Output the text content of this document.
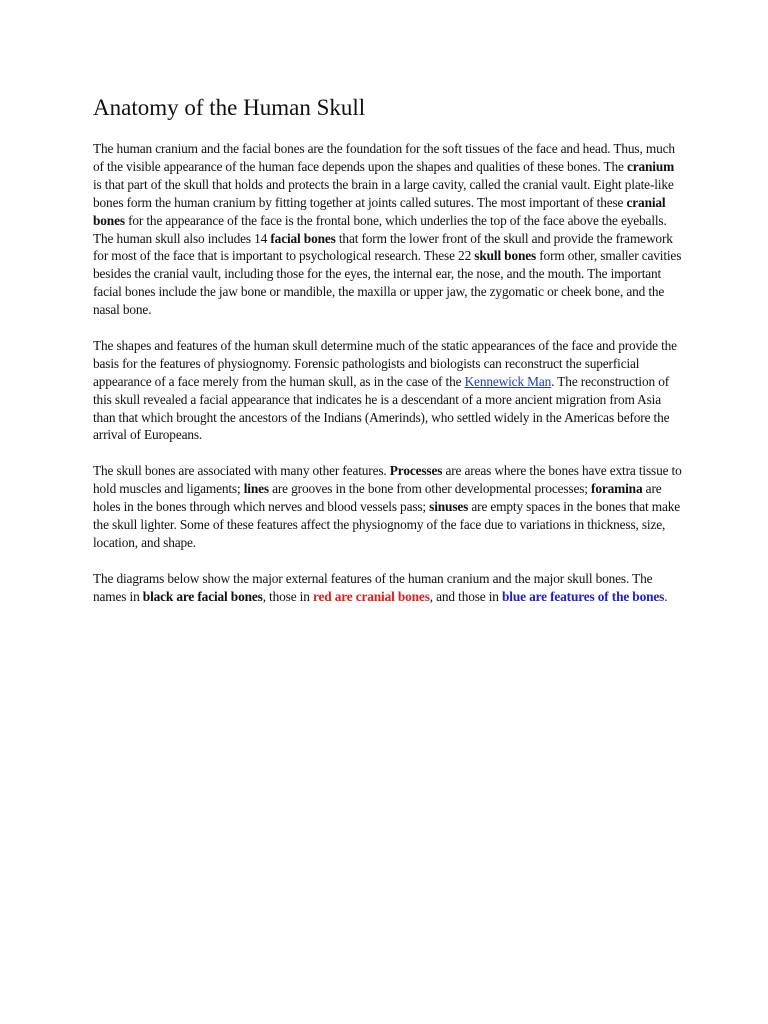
Anatomy of the Human Skull

The human cranium and the facial bones are the foundation for the soft tissues of the face and head. Thus, much of the visible appearance of the human face depends upon the shapes and qualities of these bones. The cranium is that part of the skull that holds and protects the brain in a large cavity, called the cranial vault. Eight plate-like bones form the human cranium by fitting together at joints called sutures. The most important of these cranial bones for the appearance of the face is the frontal bone, which underlies the top of the face above the eyeballs. The human skull also includes 14 facial bones that form the lower front of the skull and provide the framework for most of the face that is important to psychological research. These 22 skull bones form other, smaller cavities besides the cranial vault, including those for the eyes, the internal ear, the nose, and the mouth. The important facial bones include the jaw bone or mandible, the maxilla or upper jaw, the zygomatic or cheek bone, and the nasal bone.

The shapes and features of the human skull determine much of the static appearances of the face and provide the basis for the features of physiognomy. Forensic pathologists and biologists can reconstruct the superficial appearance of a face merely from the human skull, as in the case of the Kennewick Man. The reconstruction of this skull revealed a facial appearance that indicates he is a descendant of a more ancient migration from Asia than that which brought the ancestors of the Indians (Amerinds), who settled widely in the Americas before the arrival of Europeans.

The skull bones are associated with many other features. Processes are areas where the bones have extra tissue to hold muscles and ligaments; lines are grooves in the bone from other developmental processes; foramina are holes in the bones through which nerves and blood vessels pass; sinuses are empty spaces in the bones that make the skull lighter. Some of these features affect the physiognomy of the face due to variations in thickness, size, location, and shape.

The diagrams below show the major external features of the human cranium and the major skull bones. The names in black are facial bones, those in red are cranial bones, and those in blue are features of the bones.
